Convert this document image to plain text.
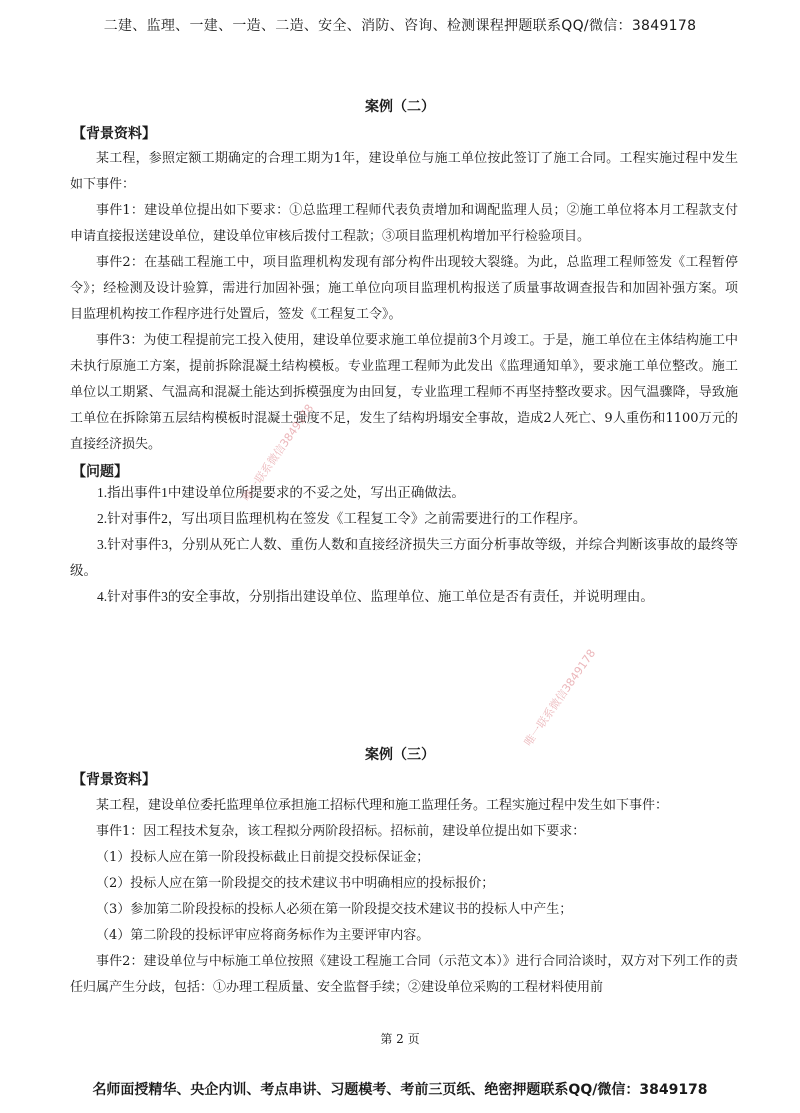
二建、监理、一建、一造、二造、安全、消防、咨询、检测课程押题联系QQ/微信：3849178
案例（二）
【背景资料】

某工程，参照定额工期确定的合理工期为1年，建设单位与施工单位按此签订了施工合同。工程实施过程中发生如下事件：

事件1：建设单位提出如下要求：①总监理工程师代表负责增加和调配监理人员；②施工单位将本月工程款支付申请直接报送建设单位，建设单位审核后拨付工程款；③项目监理机构增加平行检验项目。

事件2：在基础工程施工中，项目监理机构发现有部分构件出现较大裂缝。为此，总监理工程师签发《工程暂停令》；经检测及设计验算，需进行加固补强；施工单位向项目监理机构报送了质量事故调查报告和加固补强方案。项目监理机构按工作程序进行处置后，签发《工程复工令》。

事件3：为使工程提前完工投入使用，建设单位要求施工单位提前3个月竣工。于是，施工单位在主体结构施工中未执行原施工方案，提前拆除混凝土结构模板。专业监理工程师为此发出《监理通知单》，要求施工单位整改。施工单位以工期紧、气温高和混凝土能达到拆模强度为由回复，专业监理工程师不再坚持整改要求。因气温骤降，导致施工单位在拆除第五层结构模板时混凝土强度不足，发生了结构坍塌安全事故，造成2人死亡、9人重伤和1100万元的直接经济损失。

【问题】

1.指出事件1中建设单位所提要求的不妥之处，写出正确做法。

2.针对事件2，写出项目监理机构在签发《工程复工令》之前需要进行的工作程序。

3.针对事件3，分别从死亡人数、重伤人数和直接经济损失三方面分析事故等级，并综合判断该事故的最终等级。

4.针对事件3的安全事故，分别指出建设单位、监理单位、施工单位是否有责任，并说明理由。

案例（三）
【背景资料】

某工程，建设单位委托监理单位承担施工招标代理和施工监理任务。工程实施过程中发生如下事件：

事件1：因工程技术复杂，该工程拟分两阶段招标。招标前，建设单位提出如下要求：

（1）投标人应在第一阶段投标截止日前提交投标保证金；

（2）投标人应在第一阶段提交的技术建议书中明确相应的投标报价；

（3）参加第二阶段投标的投标人必须在第一阶段提交技术建议书的投标人中产生；

（4）第二阶段的投标评审应将商务标作为主要评审内容。

事件2：建设单位与中标施工单位按照《建设工程施工合同（示范文本）》进行合同洽谈时，双方对下列工作的责任归属产生分歧，包括：①办理工程质量、安全监督手续；②建设单位采购的工程材料使用前

第 2 页
名师面授精华、央企内训、考点串讲、习题模考、考前三页纸、绝密押题联系QQ/微信：3849178
唯一联系微信3849178
唯一联系微信3849178
